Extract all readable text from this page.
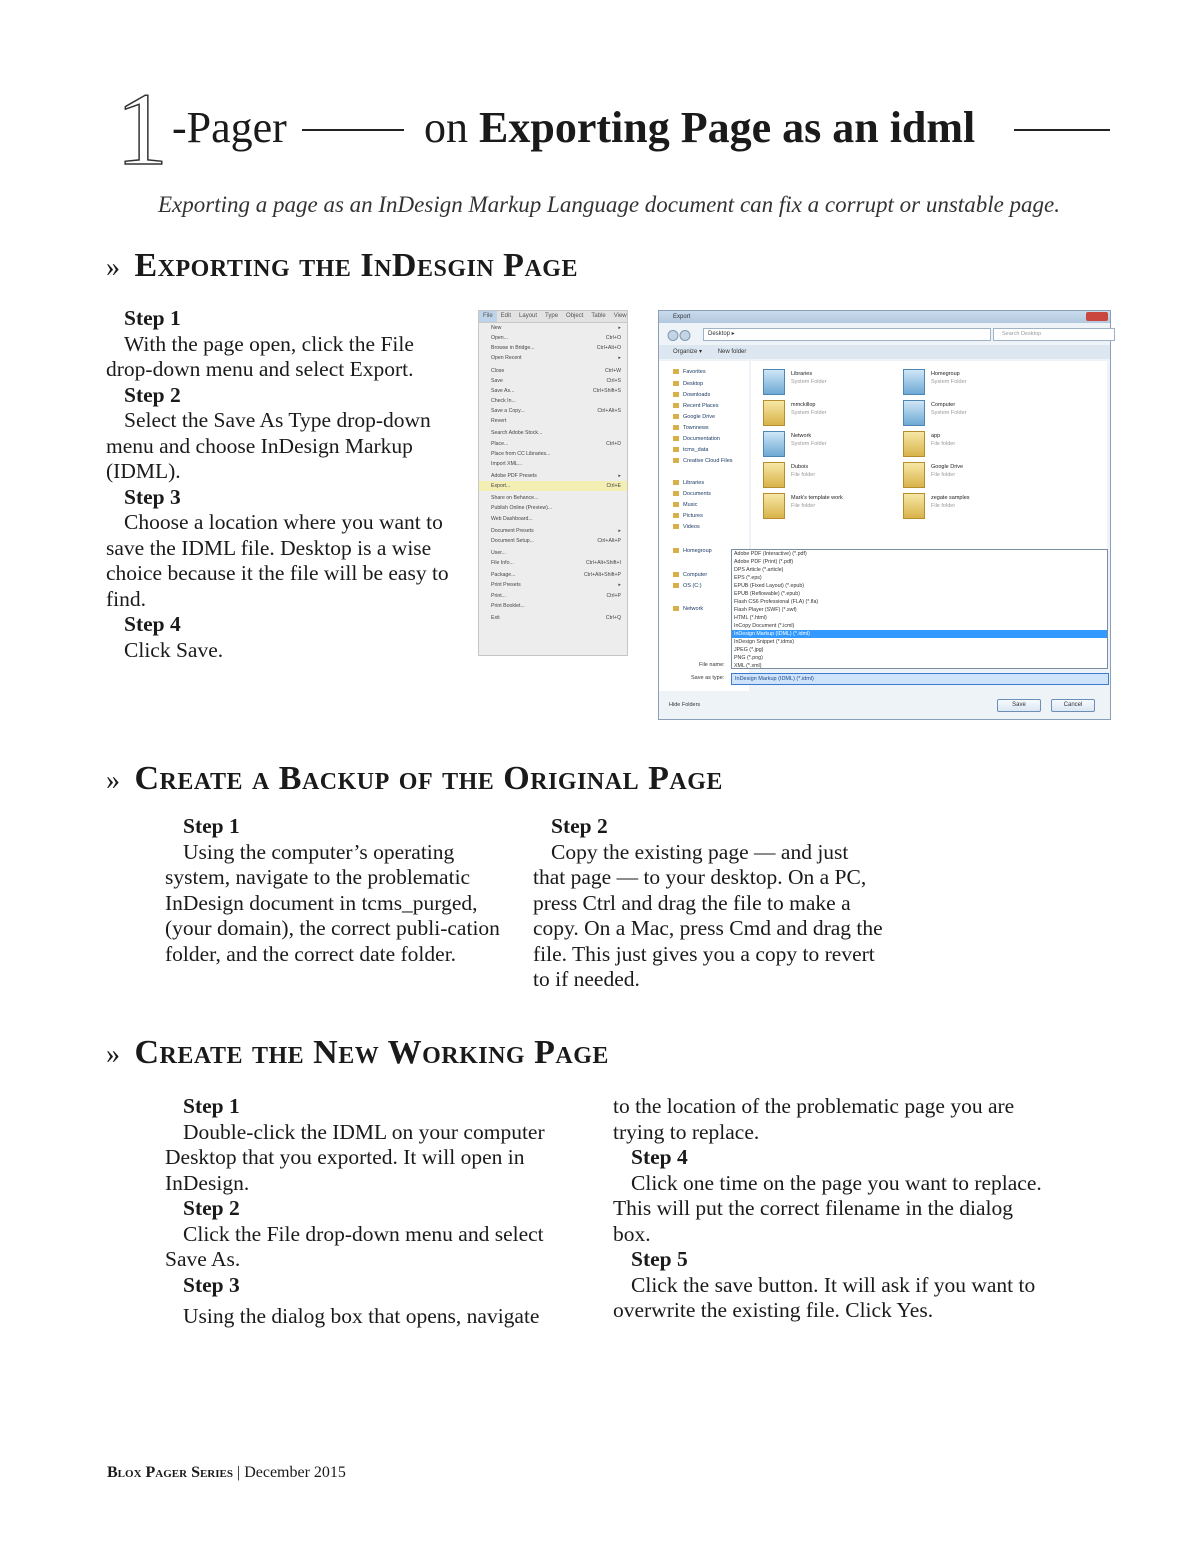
1 -Pager	on Exporting Page as an idml
Exporting a page as an InDesign Markup Language document can fix a corrupt or unstable page.
» Exporting the InDesgin Page
Step 1
With the page open, click the File drop-down menu and select Export.
Step 2
Select the Save As Type drop-down menu and choose InDesign Markup (IDML).
Step 3
Choose a location where you want to save the IDML file. Desktop is a wise choice because it the file will be easy to find.
Step 4
Click Save.
File	Edit	Layout	Type	Object	Table	View
New	▸
Open...	Ctrl+O
Browse in Bridge...	Ctrl+Alt+O
Open Recent	▸
Close	Ctrl+W
Save	Ctrl+S
Save As...	Ctrl+Shift+S
Check In...
Save a Copy...	Ctrl+Alt+S
Revert
Search Adobe Stock...
Place...	Ctrl+D
Place from CC Libraries...
Import XML...
Adobe PDF Presets	▸
Export...	Ctrl+E
Share on Behance...
Publish Online (Preview)...
Web Dashboard...
Document Presets	▸
Document Setup...	Ctrl+Alt+P
User...
File Info...	Ctrl+Alt+Shift+I
Package...	Ctrl+Alt+Shift+P
Print Presets	▸
Print...	Ctrl+P
Print Booklet...
Exit	Ctrl+Q
Export
Desktop ▸	Search Desktop
Organize ▾	New folder
Favorites
Desktop
Downloads
Recent Places
Google Drive
Townnews
Documentation
tcms_data
Creative Cloud Files
Libraries
Documents
Music
Pictures
Videos
Homegroup
Computer
OS (C:)
Network
Libraries
System Folder
Homegroup
System Folder
mmckillop
System Folder
Computer
System Folder
Network
System Folder
app
File folder
Dubois
File folder
Google Drive
File folder
Mark's template work
File folder
zegate samples
File folder
Adobe PDF (Interactive) (*.pdf)
Adobe PDF (Print) (*.pdf)
DPS Article (*.article)
EPS (*.eps)
EPUB (Fixed Layout) (*.epub)
EPUB (Reflowable) (*.epub)
Flash CS6 Professional (FLA) (*.fla)
Flash Player (SWF) (*.swf)
HTML (*.html)
InCopy Document (*.icml)
InDesign Markup (IDML) (*.idml)
InDesign Snippet (*.idms)
JPEG (*.jpg)
PNG (*.png)
XML (*.xml)
File name:
Save as type:	InDesign Markup (IDML) (*.idml)
Hide Folders	Save	Cancel
» Create a Backup of the Original Page
Step 1
Using the computer’s operating system, navigate to the problematic InDesign document in tcms_purged, (your domain), the correct publi-cation folder, and the correct date folder.
Step 2
Copy the existing page — and just that page — to your desktop. On a PC, press Ctrl and drag the file to make a copy. On a Mac, press Cmd and drag the file. This just gives you a copy to revert to if needed.
» Create the New Working Page
Step 1
Double-click the IDML on your computer Desktop that you exported. It will open in InDesign.
Step 2
Click the File drop-down menu and select Save As.
Step 3
Using the dialog box that opens, navigate
to the location of the problematic page you are trying to replace.
Step 4
Click one time on the page you want to replace. This will put the correct filename in the dialog box.
Step 5
Click the save button. It will ask if you want to overwrite the existing file. Click Yes.
Blox Pager Series | December 2015
